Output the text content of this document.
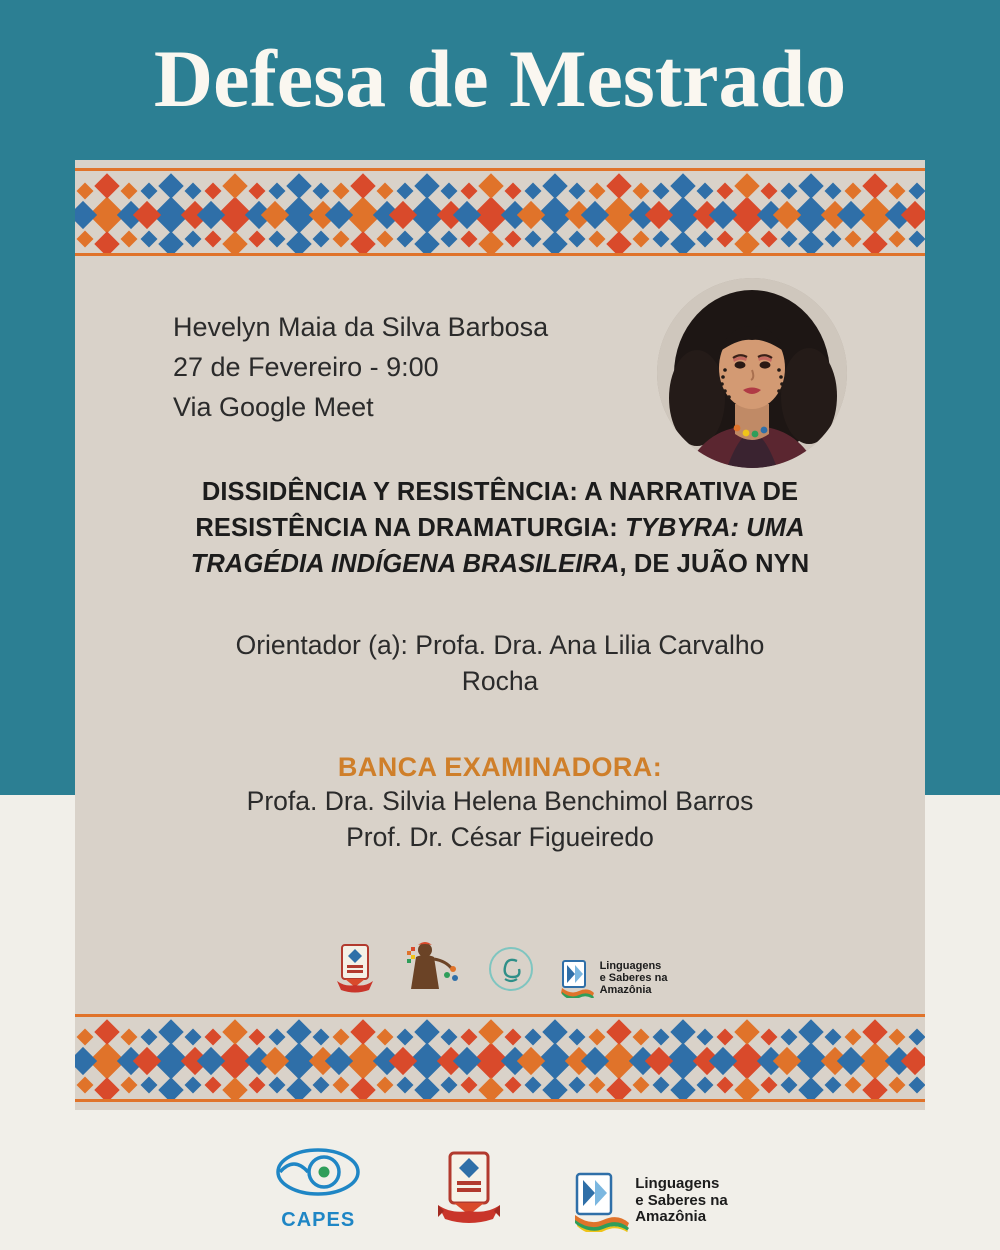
Defesa de Mestrado
Hevelyn Maia da Silva Barbosa
27 de Fevereiro - 9:00
Via Google Meet
DISSIDÊNCIA Y RESISTÊNCIA: A NARRATIVA DE
RESISTÊNCIA NA DRAMATURGIA: TYBYRA: UMA
TRAGÉDIA INDÍGENA BRASILEIRA, DE JUÃO NYN
Orientador (a): Profa. Dra. Ana Lilia Carvalho
Rocha
BANCA EXAMINADORA:
Profa. Dra. Silvia Helena Benchimol Barros
Prof. Dr. César Figueiredo
Linguagens
e Saberes na
Amazônia
CAPES
Linguagens
e Saberes na
Amazônia
